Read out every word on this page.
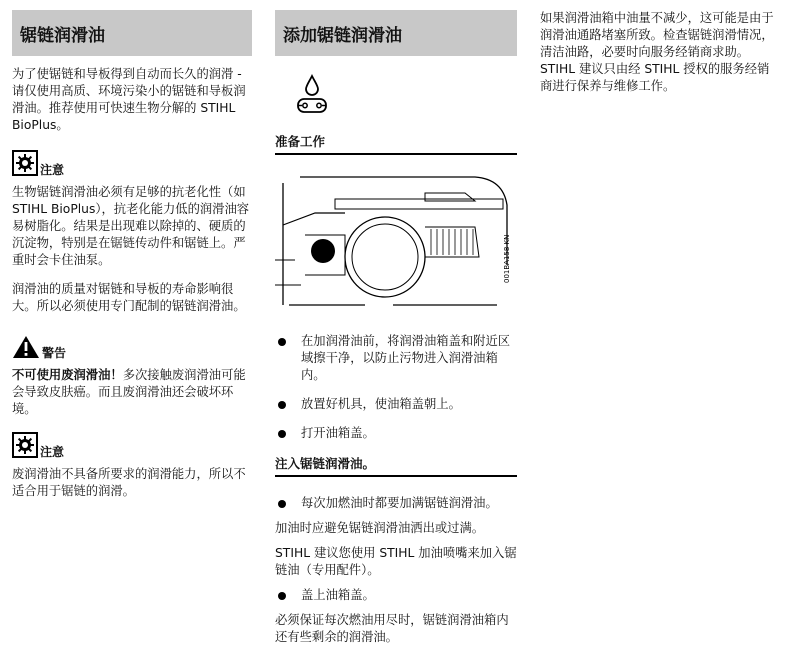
锯链润滑油

为了使锯链和导板得到自动而长久的润滑 - 请仅使用高质、环境污染小的锯链和导板润滑油。推荐使用可快速生物分解的 STIHL BioPlus。

注意

生物锯链润滑油必须有足够的抗老化性（如 STIHL BioPlus），抗老化能力低的润滑油容易树脂化。结果是出现难以除掉的、硬质的沉淀物，特别是在锯链传动件和锯链上。严重时会卡住油泵。

润滑油的质量对锯链和导板的寿命影响很大。所以必须使用专门配制的锯链润滑油。

警告

不可使用废润滑油！多次接触废润滑油可能会导致皮肤癌。而且废润滑油还会破坏环境。

注意

废润滑油不具备所要求的润滑能力，所以不适合用于锯链的润滑。

添加锯链润滑油
准备工作
001BA158 KN

在加润滑油前，将润滑油箱盖和附近区域擦干净，以防止污物进入润滑油箱内。

放置好机具，使油箱盖朝上。

打开油箱盖。

注入锯链润滑油。

每次加燃油时都要加满锯链润滑油。

加油时应避免锯链润滑油洒出或过满。

STIHL 建议您使用 STIHL 加油喷嘴来加入锯链油（专用配件）。

盖上油箱盖。

必须保证每次燃油用尽时，锯链润滑油箱内还有些剩余的润滑油。

如果润滑油箱中油量不减少，这可能是由于润滑油通路堵塞所致。检查锯链润滑情况，清洁油路，必要时向服务经销商求助。STIHL 建议只由经 STIHL 授权的服务经销商进行保养与维修工作。
